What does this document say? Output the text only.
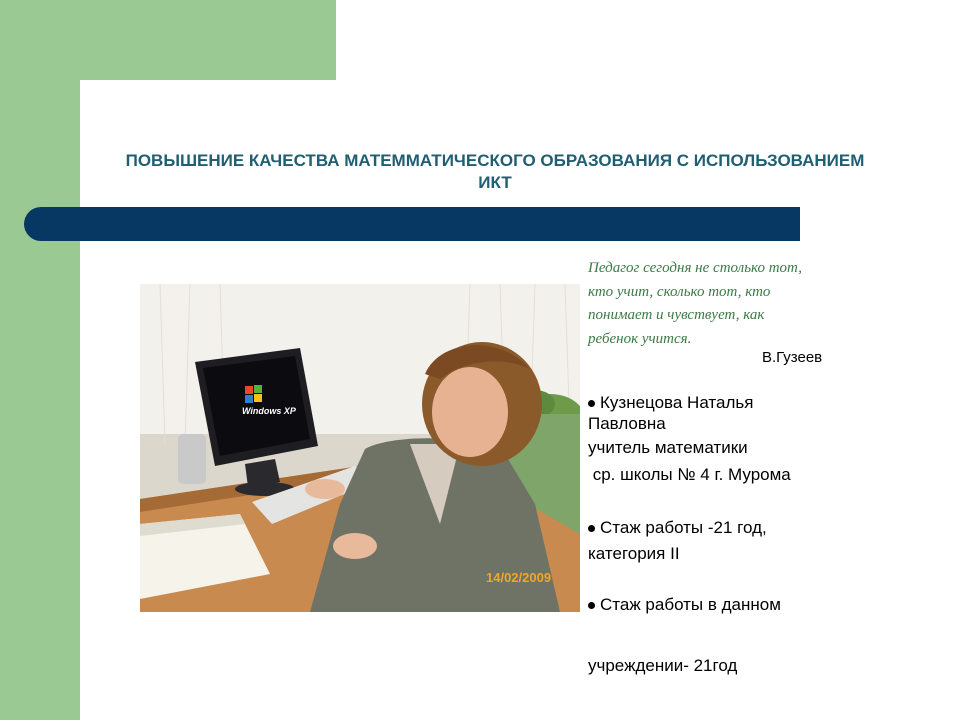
ПОВЫШЕНИЕ КАЧЕСТВА МАТЕММАТИЧЕСКОГО ОБРАЗОВАНИЯ С ИСПОЛЬЗОВАНИЕМ ИКТ
Windows XP
14/02/2009
Педагог сегодня не столько тот,
кто учит, сколько тот, кто
понимает и чувствует, как
ребенок учится.
В.Гузеев
Кузнецова Наталья
Павловна
учитель математики
ср. школы № 4 г. Мурома
Стаж работы -21 год,
категория II
Стаж работы в данном
учреждении- 21год
